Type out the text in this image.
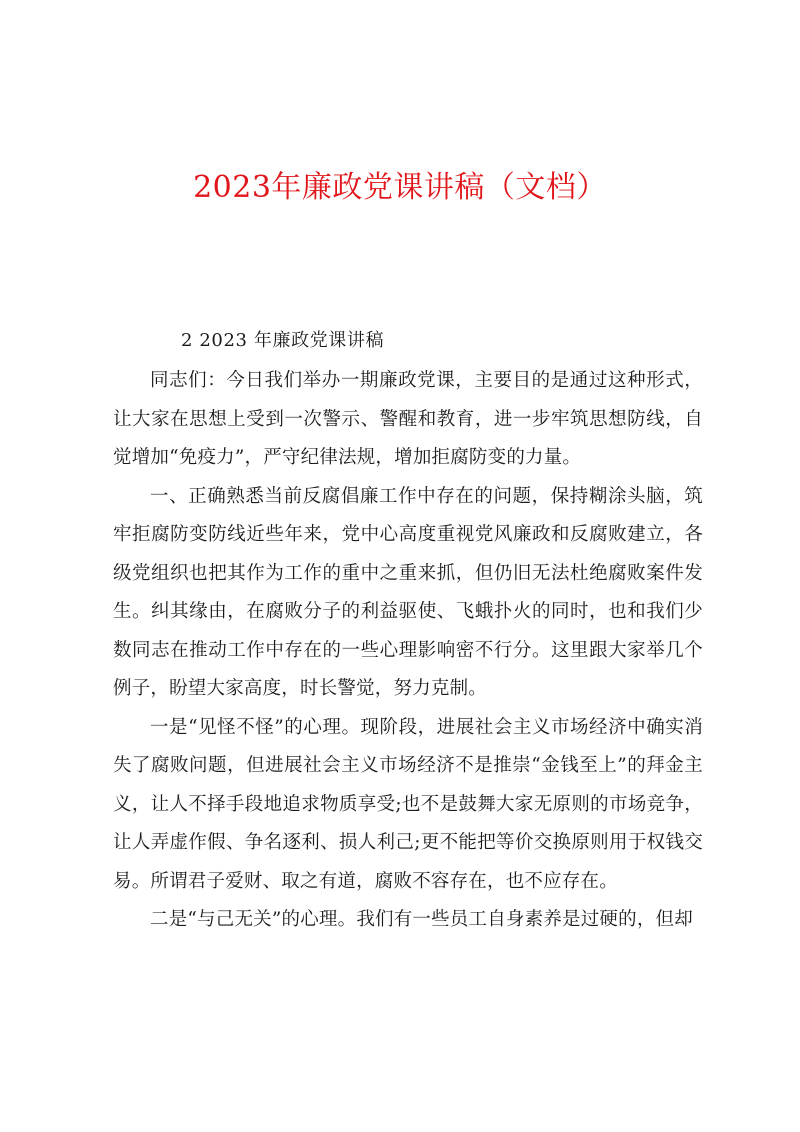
2023年廉政党课讲稿（文档）

2 2023 年廉政党课讲稿

同志们：今日我们举办一期廉政党课，主要目的是通过这种形式，让大家在思想上受到一次警示、警醒和教育，进一步牢筑思想防线，自觉增加“免疫力”，严守纪律法规，增加拒腐防变的力量。

一、正确熟悉当前反腐倡廉工作中存在的问题，保持糊涂头脑，筑牢拒腐防变防线近些年来，党中心高度重视党风廉政和反腐败建立，各级党组织也把其作为工作的重中之重来抓，但仍旧无法杜绝腐败案件发生。纠其缘由，在腐败分子的利益驱使、飞蛾扑火的同时，也和我们少数同志在推动工作中存在的一些心理影响密不行分。这里跟大家举几个例子，盼望大家高度，时长警觉，努力克制。

一是“见怪不怪”的心理。现阶段，进展社会主义市场经济中确实消失了腐败问题，但进展社会主义市场经济不是推崇“金钱至上”的拜金主义，让人不择手段地追求物质享受;也不是鼓舞大家无原则的市场竞争，让人弄虚作假、争名逐利、损人利己;更不能把等价交换原则用于权钱交易。所谓君子爱财、取之有道，腐败不容存在，也不应存在。

二是“与己无关”的心理。我们有一些员工自身素养是过硬的，但却
